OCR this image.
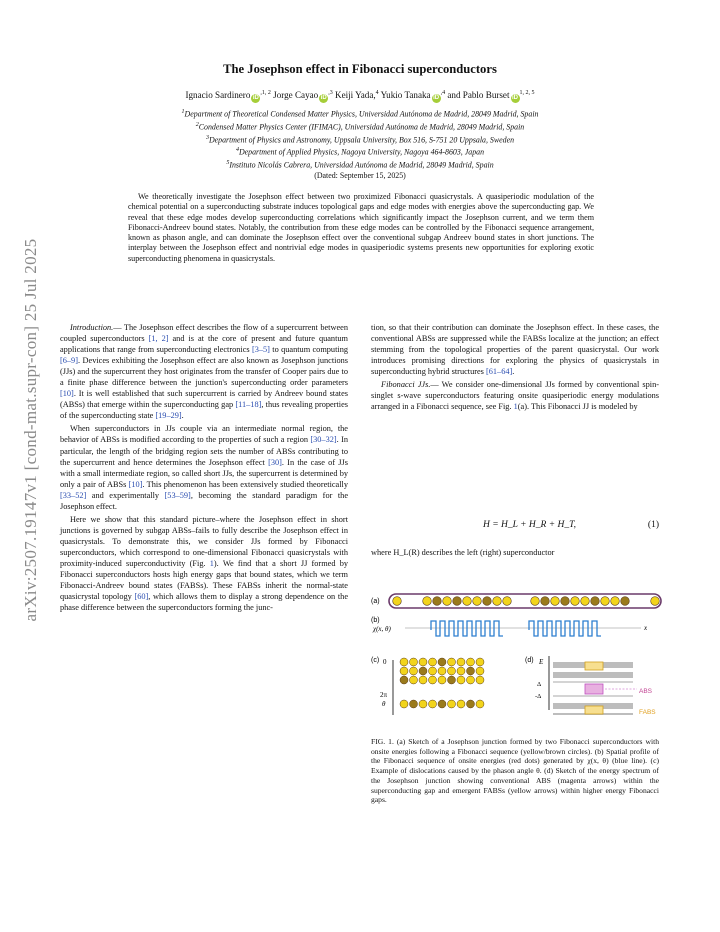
arXiv:2507.19147v1 [cond-mat.supr-con] 25 Jul 2025
The Josephson effect in Fibonacci superconductors
Ignacio Sardinero $iD^{,1, 2}$ Jorge Cayao $iD^{,3}$ Keiji Yada,$^4$ Yukio Tanaka $iD^{,4}$ and Pablo Burset iD$^{1, 2, 5}$
$^1$Department of Theoretical Condensed Matter Physics, Universidad Autónoma de Madrid, 28049 Madrid, Spain
$^2$Condensed Matter Physics Center (IFIMAC), Universidad Autónoma de Madrid, 28049 Madrid, Spain
$^3$Department of Physics and Astronomy, Uppsala University, Box 516, S-751 20 Uppsala, Sweden
$^4$Department of Applied Physics, Nagoya University, Nagoya 464-8603, Japan
$^5$Instituto Nicolás Cabrera, Universidad Autónoma de Madrid, 28049 Madrid, Spain
(Dated: September 15, 2025)
We theoretically investigate the Josephson effect between two proximized Fibonacci quasicrystals. A quasiperiodic modulation of the chemical potential on a superconducting substrate induces topological gaps and edge modes with energies above the superconducting gap. We reveal that these edge modes develop superconducting correlations which significantly impact the Josephson current, and we term them Fibonacci-Andreev bound states. Notably, the contribution from these edge modes can be controlled by the Fibonacci sequence arrangement, known as phason angle, and can dominate the Josephson effect over the conventional subgap Andreev bound states in short junctions. The interplay between the Josephson effect and nontrivial edge modes in quasiperiodic systems presents new opportunities for exploring exotic superconducting phenomena in quasicrystals.

Introduction.— The Josephson effect describes the flow of a supercurrent between coupled superconductors [1, 2] and is at the core of present and future quantum applications that range from superconducting electronics [3–5] to quantum computing [6–9]. Devices exhibiting the Josephson effect are also known as Josephson junctions (JJs) and the supercurrent they host originates from the transfer of Cooper pairs due to a finite phase difference between the junction's superconducting order parameters [10]. It is well established that such supercurrent is carried by Andreev bound states (ABSs) that emerge within the superconducting gap [11–18], thus revealing properties of the superconducting state [19–29].

When superconductors in JJs couple via an intermediate normal region, the behavior of ABSs is modified according to the properties of such a region [30–32]. In particular, the length of the bridging region sets the number of ABSs contributing to the supercurrent and hence determines the Josephson effect [30]. In the case of JJs with a small intermediate region, so called short JJs, the supercurrent is determined by only a pair of ABSs [10]. This phenomenon has been extensively studied theoretically [33–52] and experimentally [53–59], becoming the standard paradigm for the Josephson effect.

Here we show that this standard picture–where the Josephson effect in short junctions is governed by subgap ABSs–fails to fully describe the Josephson effect in quasicrystals. To demonstrate this, we consider JJs formed by Fibonacci superconductors, which correspond to one-dimensional Fibonacci quasicrystals with proximity-induced superconductivity (Fig. 1). We find that a short JJ formed by Fibonacci superconductors hosts high energy gaps that bound states, which we term Fibonacci-Andreev bound states (FABSs). These FABSs inherit the normal-state quasicrystal topology [60], which allows them to display a strong dependence on the phase difference between the superconductors forming the junc-

tion, so that their contribution can dominate the Josephson effect. In these cases, the conventional ABSs are suppressed while the FABSs localize at the junction; an effect stemming from the topological properties of the parent quasicrystal. Our work introduces promising directions for exploring the physics of quasicrystals in superconducting hybrid structures [61–64].

Fibonacci JJs.— We consider one-dimensional JJs formed by conventional spin-singlet s-wave superconductors featuring onsite quasiperiodic energy modulations arranged in a Fibonacci sequence, see Fig. 1(a). This Fibonacci JJ is modeled by

H = H_L + H_R + H_T,	(1)
where H_L(R) describes the left (right) superconductor
(a)
(b)
χ(x, θ)	x
(c) 0
2π
θ
(d) E
Δ
-Δ
ABS
FABS
FIG. 1. (a) Sketch of a Josephson junction formed by two Fibonacci superconductors with onsite energies following a Fibonacci sequence (yellow/brown circles). (b) Spatial profile of the Fibonacci sequence of onsite energies (red dots) generated by χ(x, θ) (blue line). (c) Example of dislocations caused by the phason angle θ. (d) Sketch of the energy spectrum of the Josephson junction showing conventional ABS (magenta arrows) within the superconducting gap and emergent FABSs (yellow arrows) within higher energy Fibonacci gaps.
